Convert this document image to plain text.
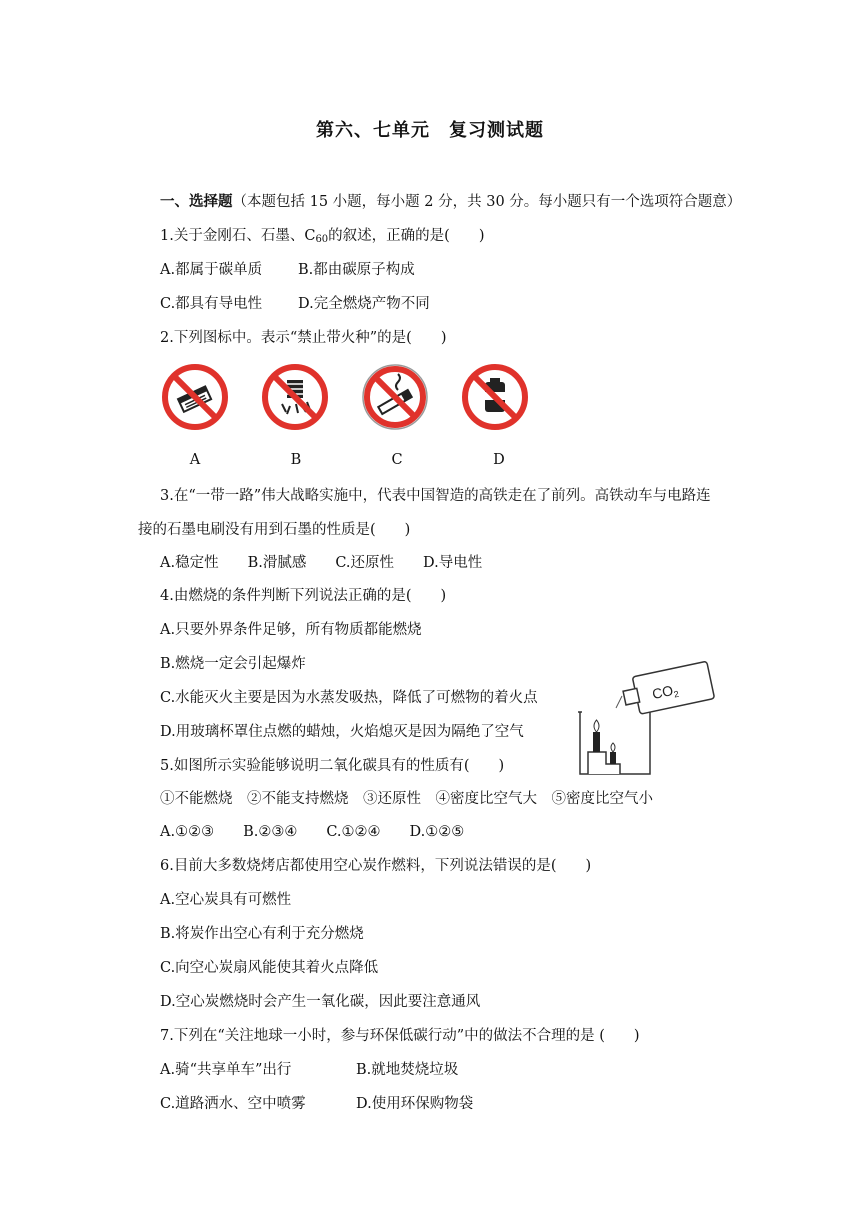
第六、七单元　复习测试题
一、选择题（本题包括 15 小题，每小题 2 分，共 30 分。每小题只有一个选项符合题意）
1.关于金刚石、石墨、$C_{60}$的叙述，正确的是(　　)
A.都属于碳单质 B.都由碳原子构成
C.都具有导电性 D.完全燃烧产物不同
2.下列图标中。表示“禁止带火种”的是(　　)
A	B	C	D
3.在“一带一路”伟大战略实施中，代表中国智造的高铁走在了前列。高铁动车与电路连
接的石墨电刷没有用到石墨的性质是(　　)
A.稳定性　　B.滑腻感　　C.还原性　　D.导电性
4.由燃烧的条件判断下列说法正确的是(　　)
A.只要外界条件足够，所有物质都能燃烧
B.燃烧一定会引起爆炸
C.水能灭火主要是因为水蒸发吸热，降低了可燃物的着火点
D.用玻璃杯罩住点燃的蜡烛，火焰熄灭是因为隔绝了空气
$CO_2$
5.如图所示实验能够说明二氧化碳具有的性质有(　　)
①不能燃烧　②不能支持燃烧　③还原性　④密度比空气大　⑤密度比空气小
A.①②③　　B.②③④　　C.①②④　　D.①②⑤
6.目前大多数烧烤店都使用空心炭作燃料，下列说法错误的是(　　)
A.空心炭具有可燃性
B.将炭作出空心有利于充分燃烧
C.向空心炭扇风能使其着火点降低
D.空心炭燃烧时会产生一氧化碳，因此要注意通风
7.下列在“关注地球一小时，参与环保低碳行动”中的做法不合理的是 (　　)
A.骑“共享单车”出行	B.就地焚烧垃圾
C.道路洒水、空中喷雾	D.使用环保购物袋
